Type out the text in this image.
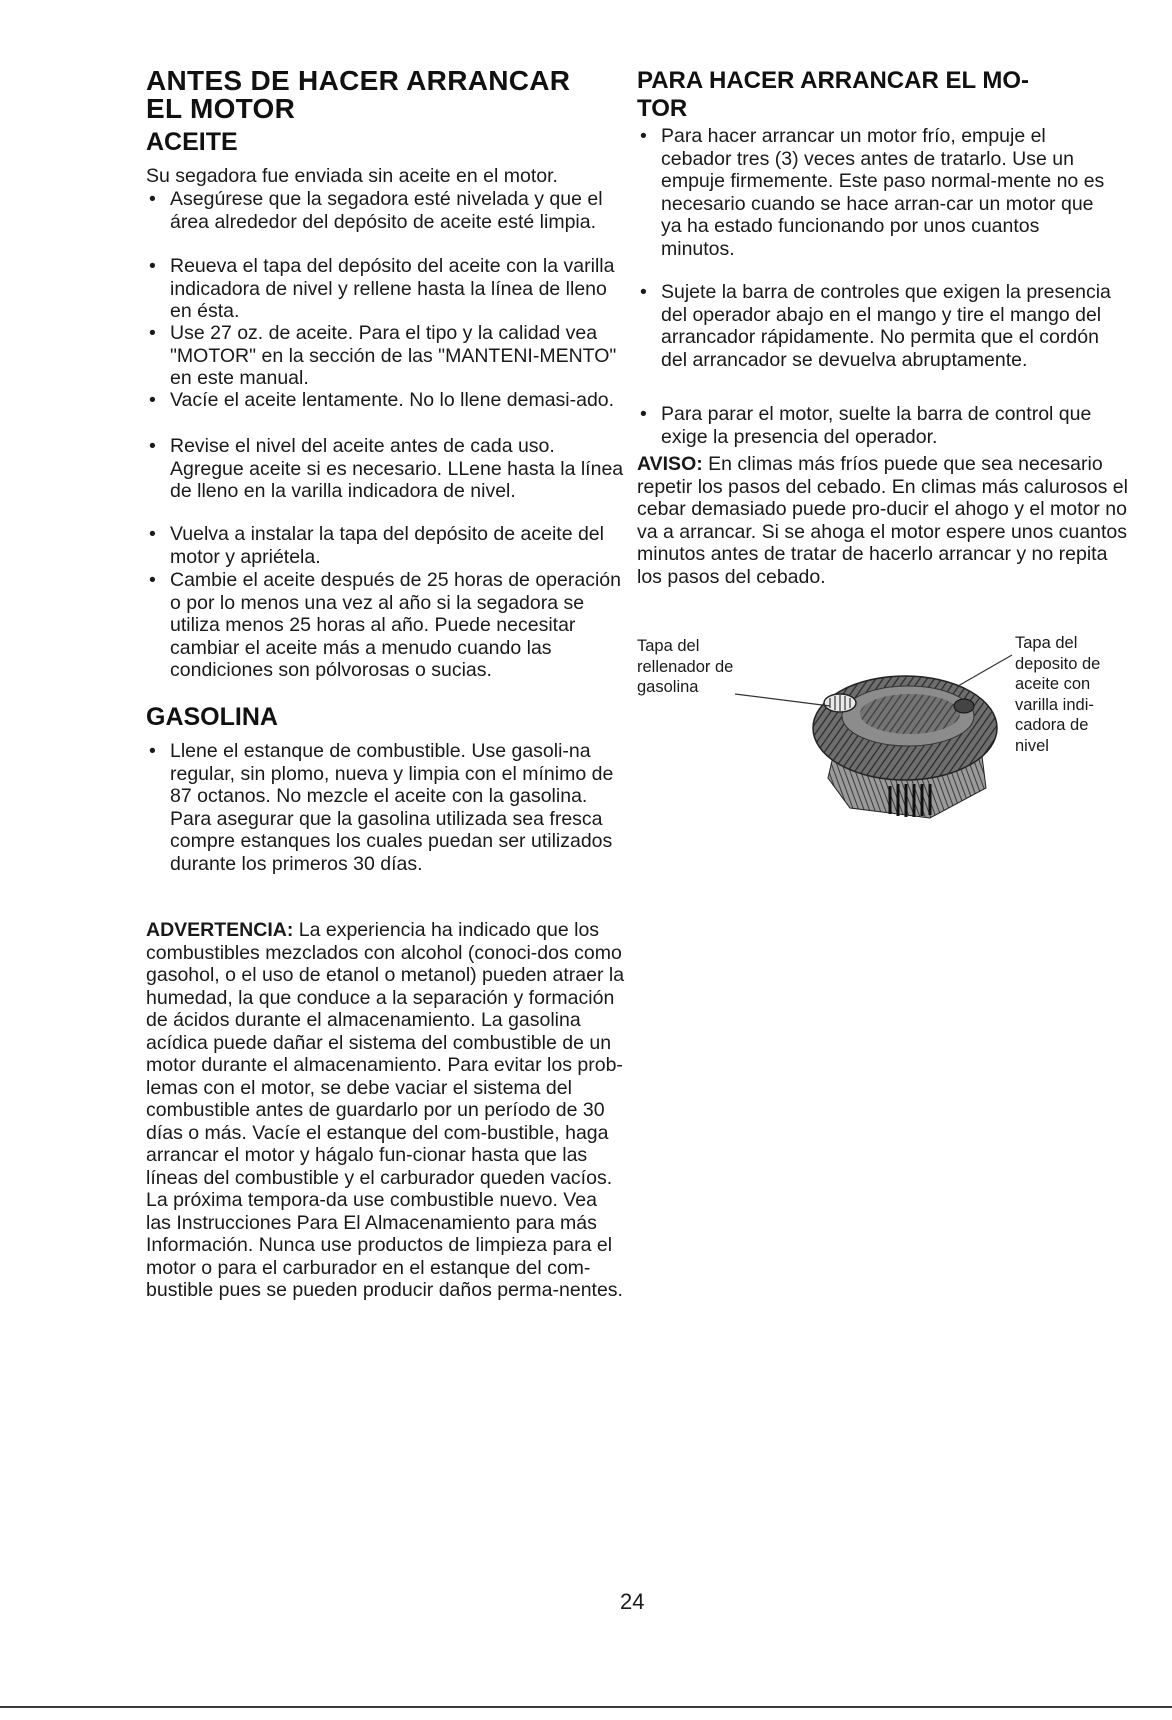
ANTES DE HACER ARRANCAR
EL MOTOR
ACEITE

Su segadora fue enviada sin aceite en el motor.

• Asegúrese que la segadora esté nivelada y que el área alrededor del depósito de aceite esté limpia.

• Reueva el tapa del depósito del aceite con la varilla indicadora de nivel y rellene hasta la línea de lleno en ésta.

• Use 27 oz. de aceite. Para el tipo y la calidad vea "MOTOR" en la sección de las "MANTENI-MENTO" en este manual.

• Vacíe el aceite lentamente. No lo llene demasi-ado.

• Revise el nivel del aceite antes de cada uso. Agregue aceite si es necesario. LLene hasta la línea de lleno en la varilla indicadora de nivel.

• Vuelva a instalar la tapa del depósito de aceite del motor y apriétela.

• Cambie el aceite después de 25 horas de operación o por lo menos una vez al año si la segadora se utiliza menos 25 horas al año. Puede necesitar cambiar el aceite más a menudo cuando las condiciones son pólvorosas o sucias.

GASOLINA

• Llene el estanque de combustible. Use gasoli-na regular, sin plomo, nueva y limpia con el mínimo de 87 octanos. No mezcle el aceite con la gasolina. Para asegurar que la gasolina utilizada sea fresca compre estanques los cuales puedan ser utilizados durante los primeros 30 días.

ADVERTENCIA: La experiencia ha indicado que los combustibles mezclados con alcohol (conoci-dos como gasohol, o el uso de etanol o metanol) pueden atraer la humedad, la que conduce a la separación y formación de ácidos durante el almacenamiento. La gasolina acídica puede dañar el sistema del combustible de un motor durante el almacenamiento. Para evitar los prob-lemas con el motor, se debe vaciar el sistema del combustible antes de guardarlo por un período de 30 días o más. Vacíe el estanque del com-bustible, haga arrancar el motor y hágalo fun-cionar hasta que las líneas del combustible y el carburador queden vacíos. La próxima tempora-da use combustible nuevo. Vea las Instrucciones Para El Almacenamiento para más Información. Nunca use productos de limpieza para el motor o para el carburador en el estanque del com-bustible pues se pueden producir daños perma-nentes.

PARA HACER ARRANCAR EL MO-
TOR

• Para hacer arrancar un motor frío, empuje el cebador tres (3) veces antes de tratarlo. Use un empuje firmemente. Este paso normal-mente no es necesario cuando se hace arran-car un motor que ya ha estado funcionando por unos cuantos minutos.

• Sujete la barra de controles que exigen la presencia del operador abajo en el mango y tire el mango del arrancador rápidamente. No permita que el cordón del arrancador se devuelva abruptamente.

• Para parar el motor, suelte la barra de control que exige la presencia del operador.

AVISO: En climas más fríos puede que sea necesario repetir los pasos del cebado. En climas más calurosos el cebar demasiado puede pro-ducir el ahogo y el motor no va a arrancar. Si se ahoga el motor espere unos cuantos minutos antes de tratar de hacerlo arrancar y no repita los pasos del cebado.

Tapa del rellenador de gasolina

Tapa del deposito de aceite con varilla indi-cadora de nivel

24
